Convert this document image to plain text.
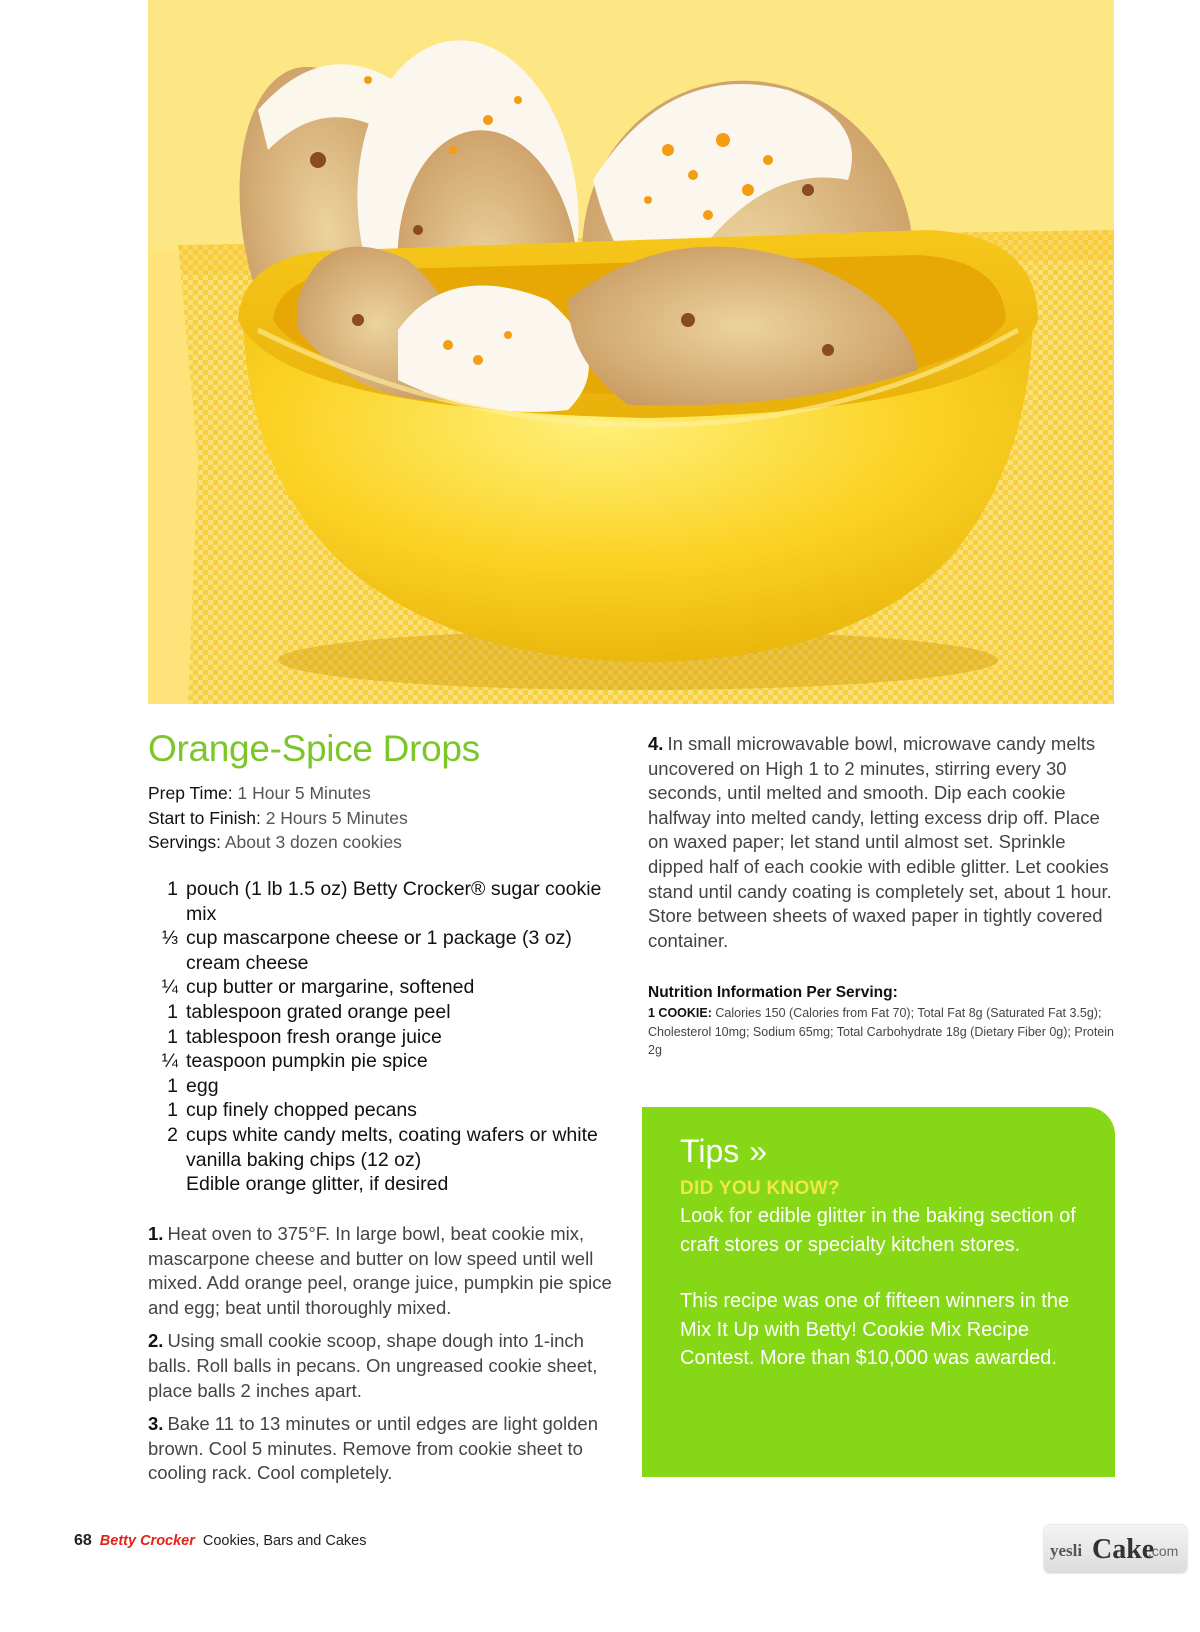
Orange-Spice Drops
Prep Time: 1 Hour 5 Minutes
Start to Finish: 2 Hours 5 Minutes
Servings: About 3 dozen cookies
1 pouch (1 lb 1.5 oz) Betty Crocker® sugar cookie mix
⅓ cup mascarpone cheese or 1 package (3 oz) cream cheese
¼ cup butter or margarine, softened
1 tablespoon grated orange peel
1 tablespoon fresh orange juice
¼ teaspoon pumpkin pie spice
1 egg
1 cup finely chopped pecans
2 cups white candy melts, coating wafers or white vanilla baking chips (12 oz)
Edible orange glitter, if desired

1. Heat oven to 375°F. In large bowl, beat cookie mix, mascarpone cheese and butter on low speed until well mixed. Add orange peel, orange juice, pumpkin pie spice and egg; beat until thoroughly mixed.

2. Using small cookie scoop, shape dough into 1-inch balls. Roll balls in pecans. On ungreased cookie sheet, place balls 2 inches apart.

3. Bake 11 to 13 minutes or until edges are light golden brown. Cool 5 minutes. Remove from cookie sheet to cooling rack. Cool completely.

4. In small microwavable bowl, microwave candy melts uncovered on High 1 to 2 minutes, stirring every 30 seconds, until melted and smooth. Dip each cookie halfway into melted candy, letting excess drip off. Place on waxed paper; let stand until almost set. Sprinkle dipped half of each cookie with edible glitter. Let cookies stand until candy coating is completely set, about 1 hour. Store between sheets of waxed paper in tightly covered container.

Nutrition Information Per Serving:
1 COOKIE: Calories 150 (Calories from Fat 70); Total Fat 8g (Saturated Fat 3.5g); Cholesterol 10mg; Sodium 65mg; Total Carbohydrate 18g (Dietary Fiber 0g); Protein 2g
Tips »
DID YOU KNOW?

Look for edible glitter in the baking section of craft stores or specialty kitchen stores.

This recipe was one of fifteen winners in the Mix It Up with Betty! Cookie Mix Recipe Contest. More than $10,000 was awarded.

68 Betty Crocker Cookies, Bars and Cakes	yesli Cake
.com
